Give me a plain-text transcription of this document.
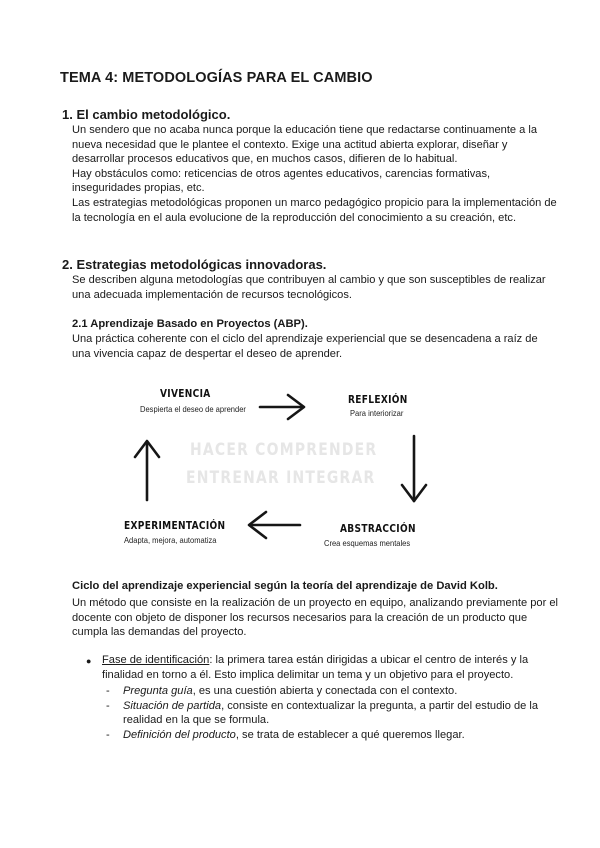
TEMA 4: METODOLOGÍAS PARA EL CAMBIO
1. El cambio metodológico.
Un sendero que no acaba nunca porque la educación tiene que redactarse continuamente a la
nueva necesidad que le plantee el contexto. Exige una actitud abierta explorar, diseñar y
desarrollar procesos educativos que, en muchos casos, difieren de lo habitual.
Hay obstáculos como: reticencias de otros agentes educativos, carencias formativas,
inseguridades propias, etc.
Las estrategias metodológicas proponen un marco pedagógico propicio para la implementación de
la tecnología en el aula evolucione de la reproducción del conocimiento a su creación, etc.
2. Estrategias metodológicas innovadoras.
Se describen alguna metodologías que contribuyen al cambio y que son susceptibles de realizar
una adecuada implementación de recursos tecnológicos.
2.1 Aprendizaje Basado en Proyectos (ABP).
Una práctica coherente con el ciclo del aprendizaje experiencial que se desencadena a raíz de
una vivencia capaz de despertar el deseo de aprender.
VIVENCIA
Despierta el deseo de aprender
REFLEXIÓN
Para interiorizar
HACER COMPRENDER
ENTRENAR INTEGRAR
ABSTRACCIÓN
Crea esquemas mentales
EXPERIMENTACIÓN
Adapta, mejora, automatiza
Ciclo del aprendizaje experiencial según la teoría del aprendizaje de David Kolb.
Un método que consiste en la realización de un proyecto en equipo, analizando previamente por el
docente con objeto de disponer los recursos necesarios para la creación de un producto que
cumpla las demandas del proyecto.
● Fase de identificación: la primera tarea están dirigidas a ubicar el centro de interés y la
finalidad en torno a él. Esto implica delimitar un tema y un objetivo para el proyecto.
- Pregunta guía, es una cuestión abierta y conectada con el contexto.
- Situación de partida, consiste en contextualizar la pregunta, a partir del estudio de la
realidad en la que se formula.
- Definición del producto, se trata de establecer a qué queremos llegar.
